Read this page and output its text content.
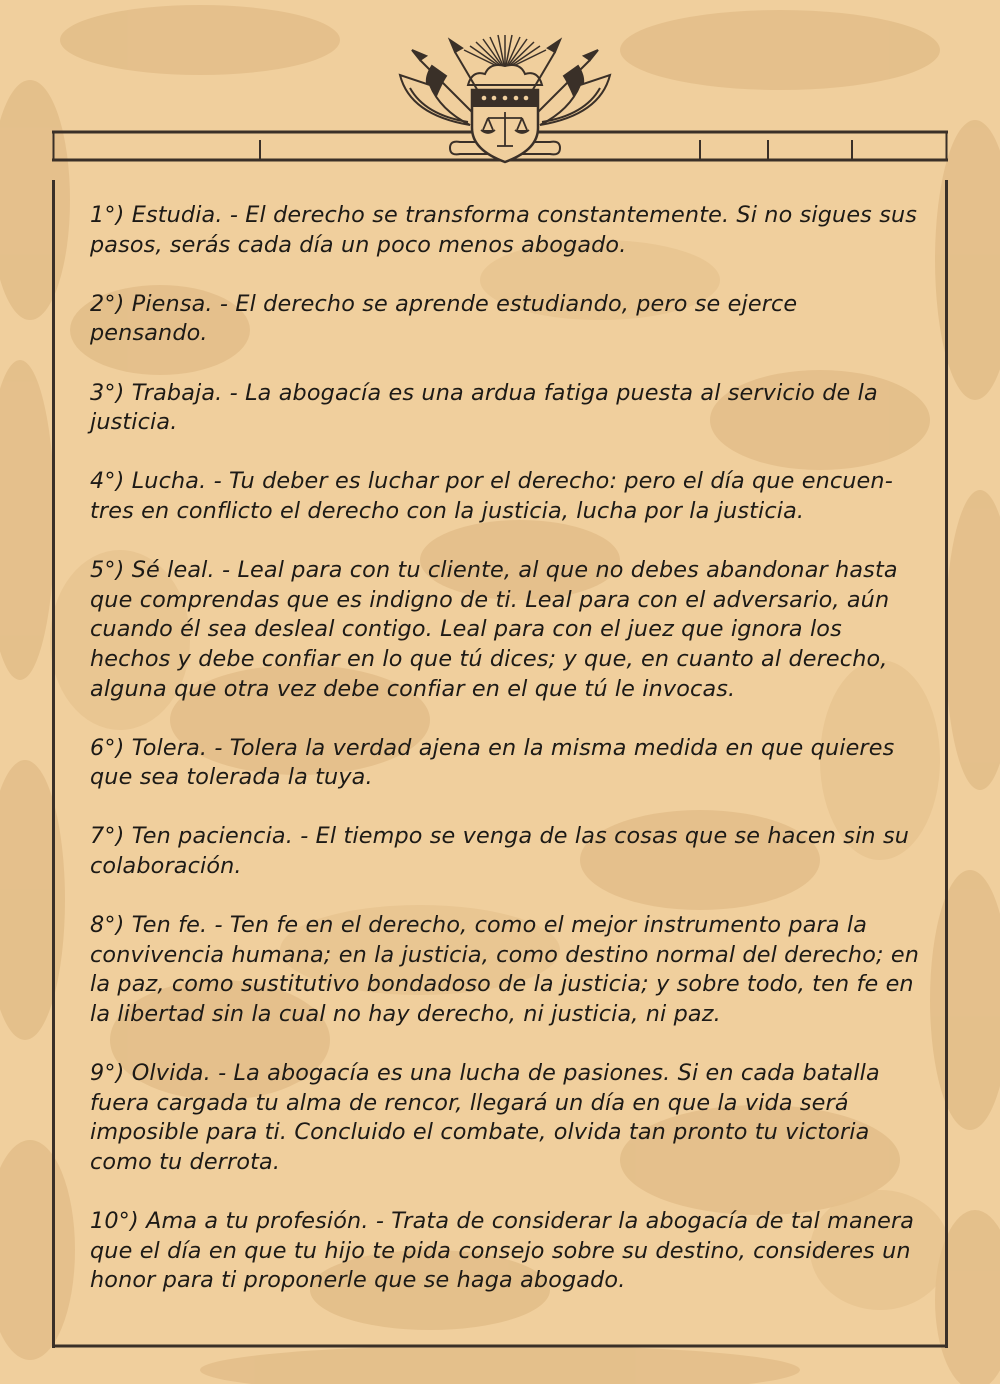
1°) Estudia. - El derecho se transforma constantemente. Si no sigues sus pasos, serás cada día un poco menos abogado.

2°) Piensa. - El derecho se aprende estudiando, pero se ejerce pensando.

3°) Trabaja. - La abogacía es una ardua fatiga puesta al servicio de la justicia.

4°) Lucha. - Tu deber es luchar por el derecho: pero el día que encuen-tres en conflicto el derecho con la justicia, lucha por la justicia.

5°) Sé leal. - Leal para con tu cliente, al que no debes abandonar hasta que comprendas que es indigno de ti. Leal para con el adversario, aún cuando él sea desleal contigo. Leal para con el juez que ignora los hechos y debe confiar en lo que tú dices; y que, en cuanto al derecho, alguna que otra vez debe confiar en el que tú le invocas.

6°) Tolera. - Tolera la verdad ajena en la misma medida en que quieres que sea tolerada la tuya.

7°) Ten paciencia. - El tiempo se venga de las cosas que se hacen sin su colaboración.

8°) Ten fe. - Ten fe en el derecho, como el mejor instrumento para la convivencia humana; en la justicia, como destino normal del derecho; en la paz, como sustitutivo bondadoso de la justicia; y sobre todo, ten fe en la libertad sin la cual no hay derecho, ni justicia, ni paz.

9°) Olvida. - La abogacía es una lucha de pasiones. Si en cada batalla fuera cargada tu alma de rencor, llegará un día en que la vida será imposible para ti. Concluido el combate, olvida tan pronto tu victoria como tu derrota.

10°) Ama a tu profesión. - Trata de considerar la abogacía de tal manera que el día en que tu hijo te pida consejo sobre su destino, consideres un honor para ti proponerle que se haga abogado.
